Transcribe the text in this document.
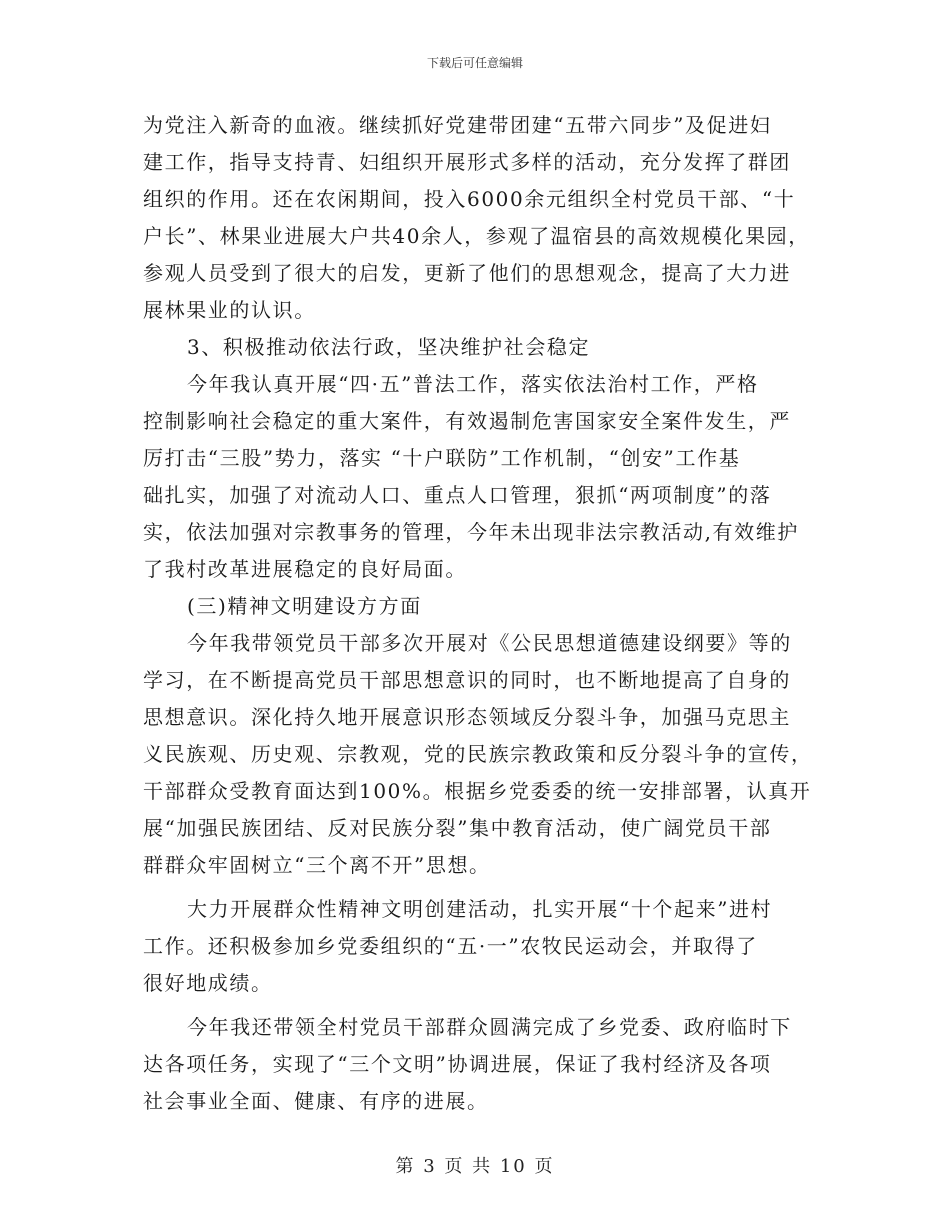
下载后可任意编辑
为党注入新奇的血液。继续抓好党建带团建“五带六同步”及促进妇
建工作，指导支持青、妇组织开展形式多样的活动，充分发挥了群团
组织的作用。还在农闲期间，投入6000余元组织全村党员干部、“十
户长”、林果业进展大户共40余人，参观了温宿县的高效规模化果园，
参观人员受到了很大的启发，更新了他们的思想观念，提高了大力进
展林果业的认识。
3、积极推动依法行政，坚决维护社会稳定
今年我认真开展“四·五”普法工作，落实依法治村工作，严格
控制影响社会稳定的重大案件，有效遏制危害国家安全案件发生，严
厉打击“三股”势力，落实 “十户联防”工作机制，“创安”工作基
础扎实，加强了对流动人口、重点人口管理，狠抓“两项制度”的落
实，依法加强对宗教事务的管理，今年未出现非法宗教活动,有效维护
了我村改革进展稳定的良好局面。
(三)精神文明建设方方面
今年我带领党员干部多次开展对《公民思想道德建设纲要》等的
学习，在不断提高党员干部思想意识的同时，也不断地提高了自身的
思想意识。深化持久地开展意识形态领域反分裂斗争，加强马克思主
义民族观、历史观、宗教观，党的民族宗教政策和反分裂斗争的宣传，
干部群众受教育面达到100%。根据乡党委委的统一安排部署，认真开
展“加强民族团结、反对民族分裂”集中教育活动，使广阔党员干部
群群众牢固树立“三个离不开”思想。
大力开展群众性精神文明创建活动，扎实开展“十个起来”进村
工作。还积极参加乡党委组织的“五·一”农牧民运动会，并取得了
很好地成绩。
今年我还带领全村党员干部群众圆满完成了乡党委、政府临时下
达各项任务，实现了“三个文明”协调进展，保证了我村经济及各项
社会事业全面、健康、有序的进展。
第 3 页 共 10 页
